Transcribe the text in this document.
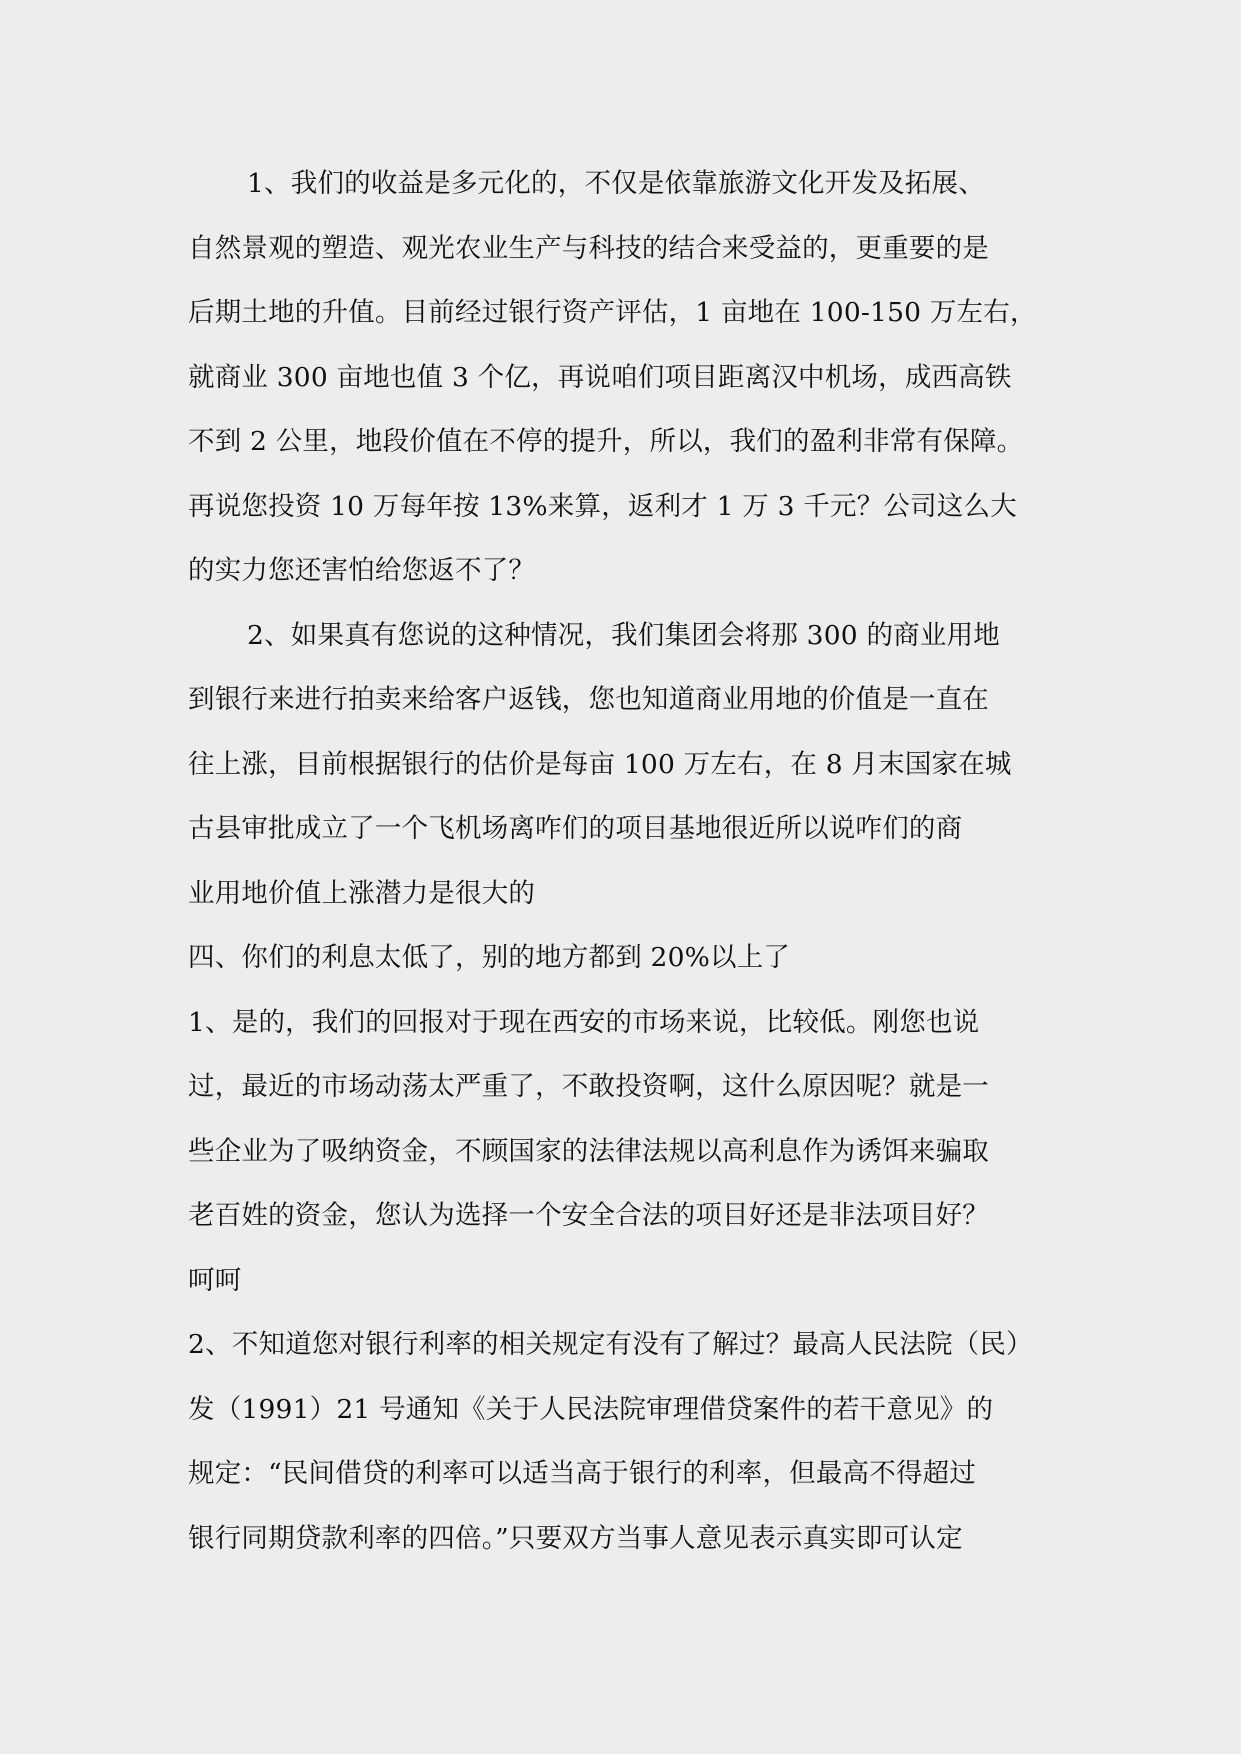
1、我们的收益是多元化的，不仅是依靠旅游文化开发及拓展、
自然景观的塑造、观光农业生产与科技的结合来受益的，更重要的是
后期土地的升值。目前经过银行资产评估，1 亩地在 100-150 万左右，
就商业 300 亩地也值 3 个亿，再说咱们项目距离汉中机场，成西高铁
不到 2 公里，地段价值在不停的提升，所以，我们的盈利非常有保障。
再说您投资 10 万每年按 13%来算，返利才 1 万 3 千元？公司这么大
的实力您还害怕给您返不了？
2、如果真有您说的这种情况，我们集团会将那 300 的商业用地
到银行来进行拍卖来给客户返钱，您也知道商业用地的价值是一直在
往上涨，目前根据银行的估价是每亩 100 万左右，在 8 月末国家在城
古县审批成立了一个飞机场离咋们的项目基地很近所以说咋们的商
业用地价值上涨潜力是很大的
四、你们的利息太低了，别的地方都到 20%以上了
1、是的，我们的回报对于现在西安的市场来说，比较低。刚您也说
过，最近的市场动荡太严重了，不敢投资啊，这什么原因呢？就是一
些企业为了吸纳资金，不顾国家的法律法规以高利息作为诱饵来骗取
老百姓的资金，您认为选择一个安全合法的项目好还是非法项目好？
呵呵
2、不知道您对银行利率的相关规定有没有了解过？最高人民法院（民）
发（1991）21 号通知《关于人民法院审理借贷案件的若干意见》的
规定：“民间借贷的利率可以适当高于银行的利率，但最高不得超过
银行同期贷款利率的四倍。”只要双方当事人意见表示真实即可认定
